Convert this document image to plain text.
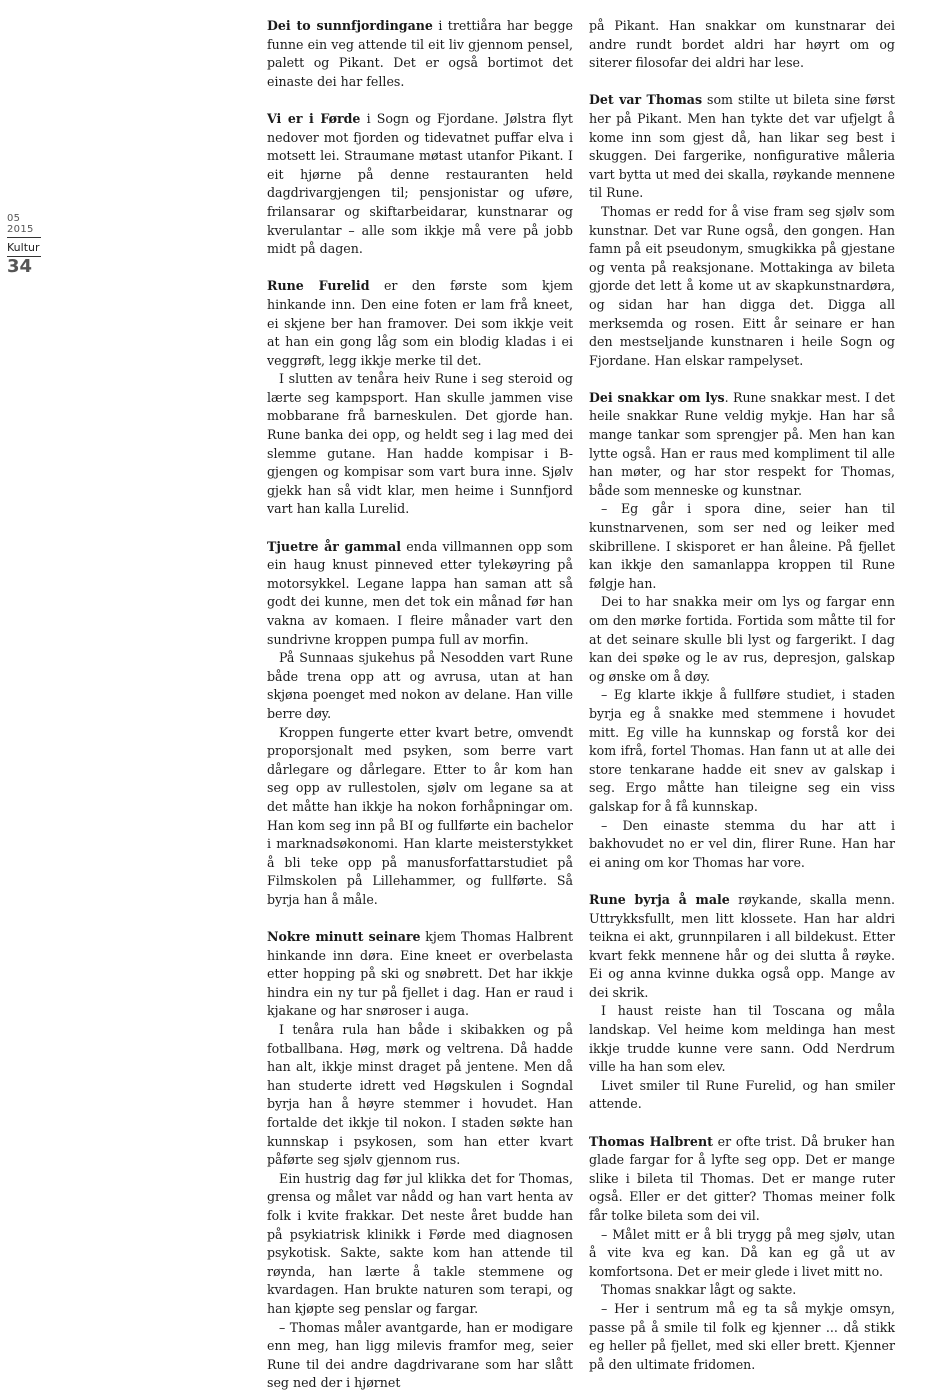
05 2015
Kultur
34

Dei to sunnfjordingane i trettiåra har begge funne ein veg attende til eit liv gjennom pensel, palett og Pikant. Det er også bortimot det einaste dei har felles.

Vi er i Førde i Sogn og Fjordane. Jølstra flyt nedover mot fjorden og tidevatnet puffar elva i motsett lei. Straumane møtast utanfor Pikant. I eit hjørne på denne restauranten held dagdrivargjengen til; pensjonistar og uføre, frilansarar og skiftarbeidarar, kunstnarar og kverulantar – alle som ikkje må vere på jobb midt på dagen.

Rune Furelid er den første som kjem hinkande inn. Den eine foten er lam frå kneet, ei skjene ber han framover. Dei som ikkje veit at han ein gong låg som ein blodig kladas i ei veggrøft, legg ikkje merke til det.

I slutten av tenåra heiv Rune i seg steroid og lærte seg kampsport. Han skulle jammen vise mobbarane frå barneskulen. Det gjorde han. Rune banka dei opp, og heldt seg i lag med dei slemme gutane. Han hadde kompisar i B-gjengen og kompisar som vart bura inne. Sjølv gjekk han så vidt klar, men heime i Sunnfjord vart han kalla Lurelid.

Tjuetre år gammal enda villmannen opp som ein haug knust pinneved etter tylekøyring på motorsykkel. Legane lappa han saman att så godt dei kunne, men det tok ein månad før han vakna av komaen. I fleire månader vart den sundrivne kroppen pumpa full av morfin.

På Sunnaas sjukehus på Nesodden vart Rune både trena opp att og avrusa, utan at han skjøna poenget med nokon av delane. Han ville berre døy.

Kroppen fungerte etter kvart betre, omvendt proporsjonalt med psyken, som berre vart dårlegare og dårlegare. Etter to år kom han seg opp av rullestolen, sjølv om legane sa at det måtte han ikkje ha nokon forhåpningar om. Han kom seg inn på BI og fullførte ein bachelor i marknadsøkonomi. Han klarte meisterstykket å bli teke opp på manusforfattarstudiet på Filmskolen på Lillehammer, og fullførte. Så byrja han å måle.

Nokre minutt seinare kjem Thomas Halbrent hinkande inn døra. Eine kneet er overbelasta etter hopping på ski og snøbrett. Det har ikkje hindra ein ny tur på fjellet i dag. Han er raud i kjakane og har snøroser i auga.

I tenåra rula han både i skibakken og på fotballbana. Høg, mørk og veltrena. Då hadde han alt, ikkje minst draget på jentene. Men då han studerte idrett ved Høgskulen i Sogndal byrja han å høyre stemmer i hovudet. Han fortalde det ikkje til nokon. I staden søkte han kunnskap i psykosen, som han etter kvart påførte seg sjølv gjennom rus.

Ein hustrig dag før jul klikka det for Thomas, grensa og målet var nådd og han vart henta av folk i kvite frakkar. Det neste året budde han på psykiatrisk klinikk i Førde med diagnosen psykotisk. Sakte, sakte kom han attende til røynda, han lærte å takle stemmene og kvardagen. Han brukte naturen som terapi, og han kjøpte seg penslar og fargar.

– Thomas måler avantgarde, han er modigare enn meg, han ligg milevis framfor meg, seier Rune til dei andre dagdrivarane som har slått seg ned der i hjørnet

på Pikant. Han snakkar om kunstnarar dei andre rundt bordet aldri har høyrt om og siterer filosofar dei aldri har lese.

Det var Thomas som stilte ut bileta sine først her på Pikant. Men han tykte det var ufjelgt å kome inn som gjest då, han likar seg best i skuggen. Dei fargerike, nonfigurative måleria vart bytta ut med dei skalla, røykande mennene til Rune.

Thomas er redd for å vise fram seg sjølv som kunstnar. Det var Rune også, den gongen. Han famn på eit pseudonym, smugkikka på gjestane og venta på reaksjonane. Mottakinga av bileta gjorde det lett å kome ut av skapkunstnardøra, og sidan har han digga det. Digga all merksemda og rosen. Eitt år seinare er han den mestseljande kunstnaren i heile Sogn og Fjordane. Han elskar rampelyset.

Dei snakkar om lys. Rune snakkar mest. I det heile snakkar Rune veldig mykje. Han har så mange tankar som sprengjer på. Men han kan lytte også. Han er raus med kompliment til alle han møter, og har stor respekt for Thomas, både som menneske og kunstnar.

– Eg går i spora dine, seier han til kunstnarvenen, som ser ned og leiker med skibrillene. I skisporet er han åleine. På fjellet kan ikkje den samanlappa kroppen til Rune følgje han.

Dei to har snakka meir om lys og fargar enn om den mørke fortida. Fortida som måtte til for at det seinare skulle bli lyst og fargerikt. I dag kan dei spøke og le av rus, depresjon, galskap og ønske om å døy.

– Eg klarte ikkje å fullføre studiet, i staden byrja eg å snakke med stemmene i hovudet mitt. Eg ville ha kunnskap og forstå kor dei kom ifrå, fortel Thomas. Han fann ut at alle dei store tenkarane hadde eit snev av galskap i seg. Ergo måtte han tileigne seg ein viss galskap for å få kunnskap.

– Den einaste stemma du har att i bakhovudet no er vel din, flirer Rune. Han har ei aning om kor Thomas har vore.

Rune byrja å male røykande, skalla menn. Uttrykksfullt, men litt klossete. Han har aldri teikna ei akt, grunnpilaren i all bildekust. Etter kvart fekk mennene hår og dei slutta å røyke. Ei og anna kvinne dukka også opp. Mange av dei skrik.

I haust reiste han til Toscana og måla landskap. Vel heime kom meldinga han mest ikkje trudde kunne vere sann. Odd Nerdrum ville ha han som elev.

Livet smiler til Rune Furelid, og han smiler attende.

Thomas Halbrent er ofte trist. Då bruker han glade fargar for å lyfte seg opp. Det er mange slike i bileta til Thomas. Det er mange ruter også. Eller er det gitter? Thomas meiner folk får tolke bileta som dei vil.

– Målet mitt er å bli trygg på meg sjølv, utan å vite kva eg kan. Då kan eg gå ut av komfortsona. Det er meir glede i livet mitt no.

Thomas snakkar lågt og sakte.

– Her i sentrum må eg ta så mykje omsyn, passe på å smile til folk eg kjenner ... då stikk eg heller på fjellet, med ski eller brett. Kjenner på den ultimate fridomen.
